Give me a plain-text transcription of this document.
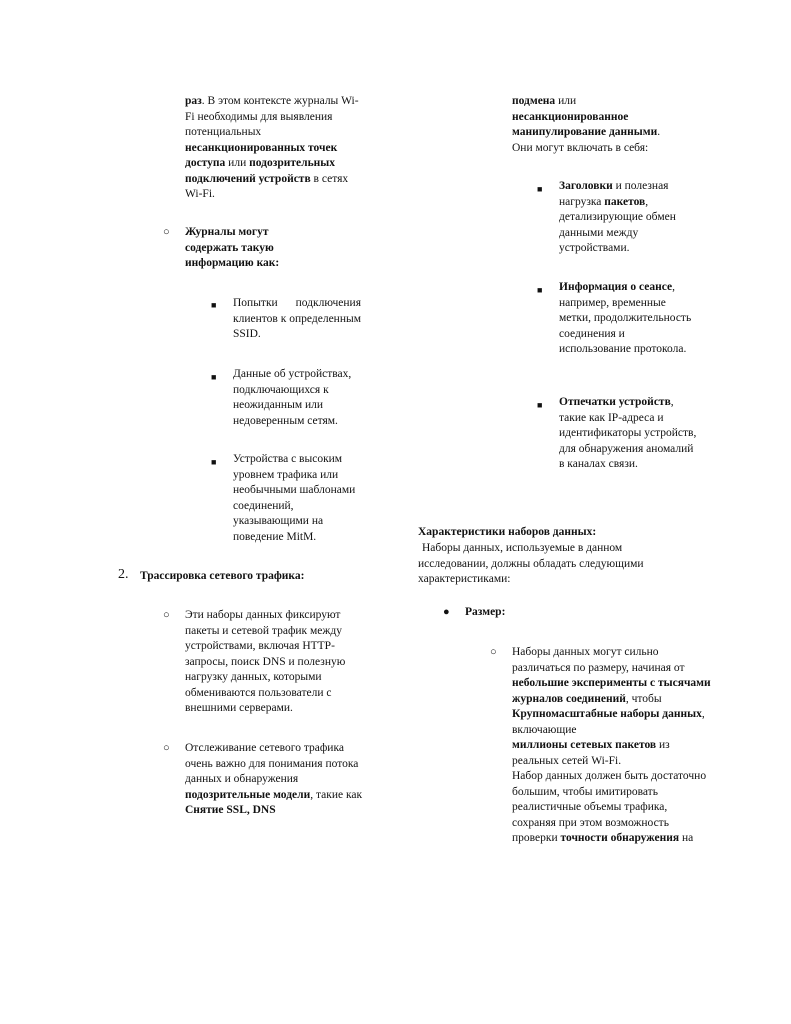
раз. В этом контексте журналы Wi-Fi необходимы для выявления потенциальных несанкционированных точек доступа или подозрительных подключений устройств в сетях Wi-Fi.
○ Журналы могут содержать такую информацию как:
■ Попытки подключения клиентов к определенным SSID.
■ Данные об устройствах, подключающихся к неожиданным или недоверенным сетям.
■ Устройства с высоким уровнем трафика или необычными шаблонами соединений, указывающими на поведение MitM.
2. Трассировка сетевого трафика:
○ Эти наборы данных фиксируют пакеты и сетевой трафик между устройствами, включая HTTP-запросы, поиск DNS и полезную нагрузку данных, которыми обмениваются пользователи с внешними серверами.
○ Отслеживание сетевого трафика очень важно для понимания потока данных и обнаружения подозрительные модели, такие как Снятие SSL, DNS
подмена или несанкционированное манипулирование данными. Они могут включать в себя:
■ Заголовки и полезная нагрузка пакетов, детализирующие обмен данными между устройствами.
■ Информация о сеансе, например, временные метки, продолжительность соединения и использование протокола.
■ Отпечатки устройств, такие как IP-адреса и идентификаторы устройств, для обнаружения аномалий в каналах связи.
Характеристики наборов данных:
Наборы данных, используемые в данном исследовании, должны обладать следующими характеристиками:
● Размер:
○ Наборы данных могут сильно различаться по размеру, начиная от
небольшие эксперименты с тысячами журналов соединений, чтобы
Крупномасштабные наборы данных, включающие
миллионы сетевых пакетов из реальных сетей Wi-Fi.
Набор данных должен быть достаточно большим, чтобы имитировать реалистичные объемы трафика, сохраняя при этом возможность проверки точности обнаружения на
